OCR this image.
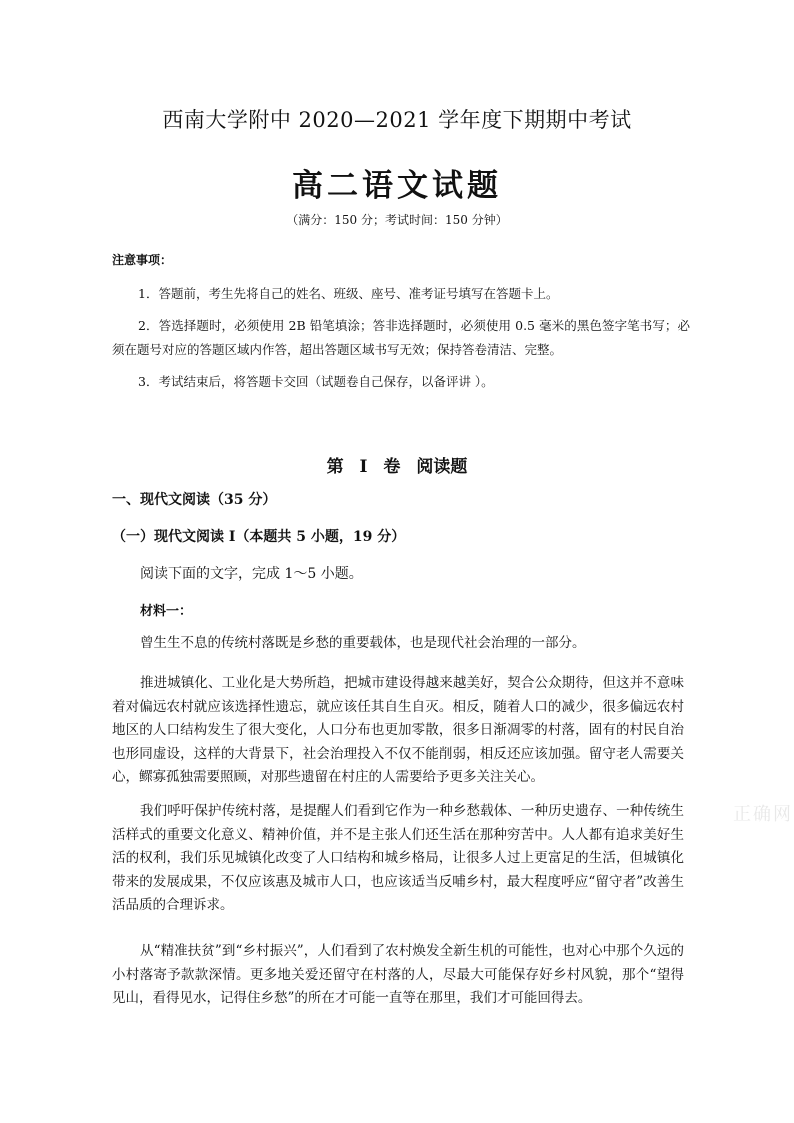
西南大学附中 2020—2021 学年度下期期中考试
高二语文试题
（满分：150 分；考试时间：150 分钟）
注意事项：
1．答题前，考生先将自己的姓名、班级、座号、准考证号填写在答题卡上。
2．答选择题时，必须使用 2B 铅笔填涂；答非选择题时，必须使用 0.5 毫米的黑色签字笔书写；必须在题号对应的答题区域内作答，超出答题区域书写无效；保持答卷清洁、完整。
3．考试结束后，将答题卡交回（试题卷自己保存，以备评讲 ）。
第 I 卷 阅读题
一、现代文阅读（35 分）
（一）现代文阅读 I（本题共 5 小题，19 分）
阅读下面的文字，完成 1～5 小题。
材料一：
曾生生不息的传统村落既是乡愁的重要载体，也是现代社会治理的一部分。
推进城镇化、工业化是大势所趋，把城市建设得越来越美好，契合公众期待，但这并不意味着对偏远农村就应该选择性遗忘，就应该任其自生自灭。相反，随着人口的减少，很多偏远农村地区的人口结构发生了很大变化，人口分布也更加零散，很多日渐凋零的村落，固有的村民自治也形同虚设，这样的大背景下，社会治理投入不仅不能削弱，相反还应该加强。留守老人需要关心，鳏寡孤独需要照顾，对那些遗留在村庄的人需要给予更多关注关心。
我们呼吁保护传统村落，是提醒人们看到它作为一种乡愁载体、一种历史遗存、一种传统生活样式的重要文化意义、精神价值，并不是主张人们还生活在那种穷苦中。人人都有追求美好生活的权利，我们乐见城镇化改变了人口结构和城乡格局，让很多人过上更富足的生活，但城镇化带来的发展成果，不仅应该惠及城市人口，也应该适当反哺乡村，最大程度呼应“留守者”改善生活品质的合理诉求。
从“精准扶贫”到“乡村振兴”，人们看到了农村焕发全新生机的可能性，也对心中那个久远的小村落寄予款款深情。更多地关爱还留守在村落的人，尽最大可能保存好乡村风貌，那个“望得见山，看得见水，记得住乡愁”的所在才可能一直等在那里，我们才可能回得去。
正确网
